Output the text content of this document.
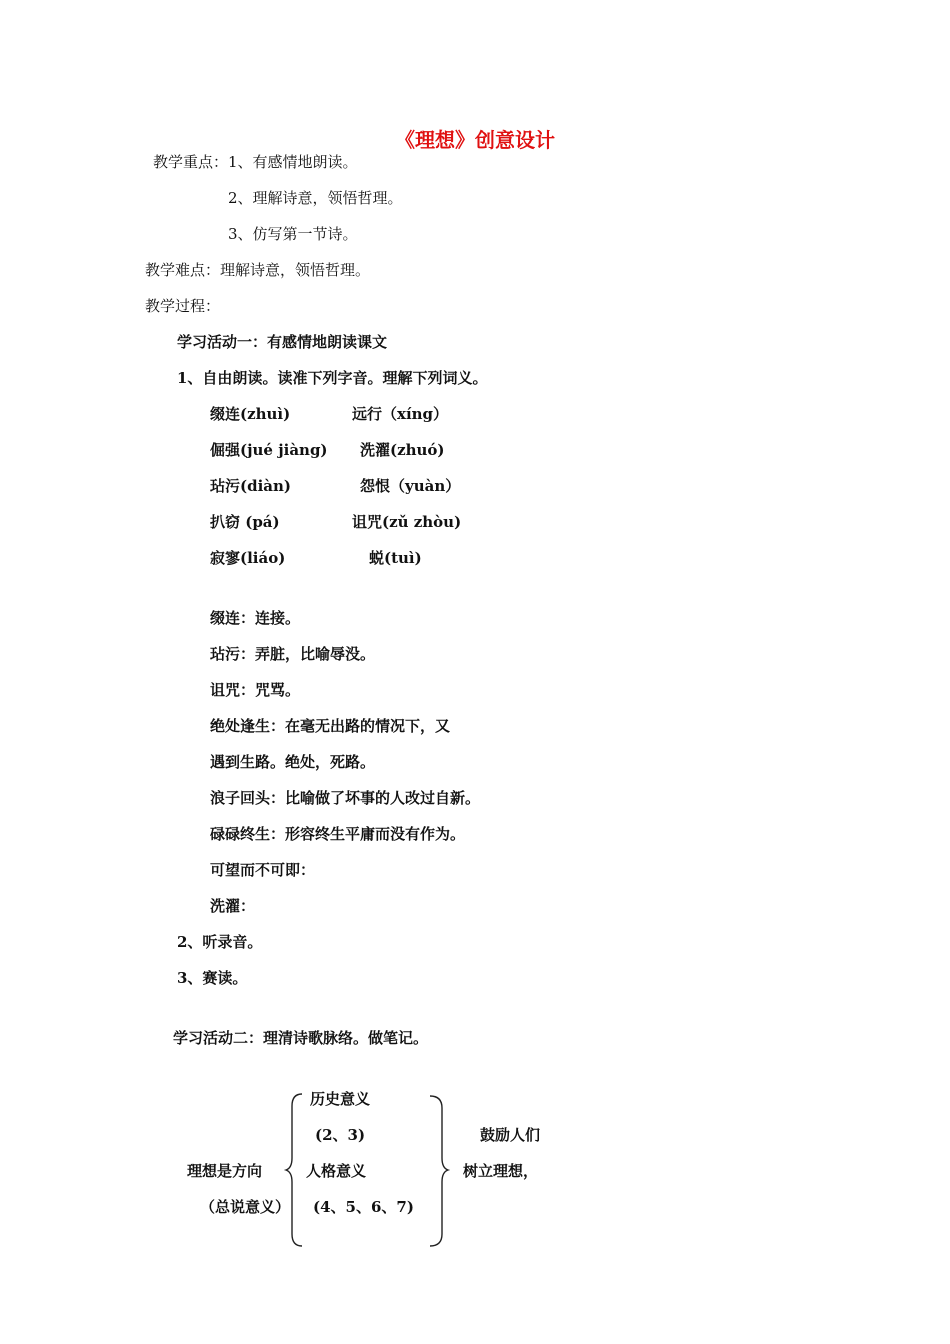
《理想》创意设计
教学重点： 1、有感情地朗读。
2、理解诗意，领悟哲理。
3、仿写第一节诗。
教学难点：理解诗意，领悟哲理。
教学过程：
学习活动一：有感情地朗读课文
1、自由朗读。读准下列字音。理解下列词义。
缀连(zhuì)	远行（xíng）
倔强(jué jiàng) 洗濯(zhuó)
玷污(diàn)	怨恨（yuàn）
扒窃 (pá)	诅咒(zǔ zhòu)
寂寥(liáo)	蜕(tuì)
缀连：连接。
玷污：弄脏，比喻辱没。
诅咒：咒骂。
绝处逢生：在毫无出路的情况下，又
遇到生路。绝处，死路。
浪子回头：比喻做了坏事的人改过自新。
碌碌终生：形容终生平庸而没有作为。
可望而不可即：
洗濯：
2、听录音。
3、赛读。
学习活动二：理清诗歌脉络。做笔记。
历史意义
(2、3)
理想是方向	人格意义
（总说意义） (4、5、6、7)
鼓励人们
树立理想，
